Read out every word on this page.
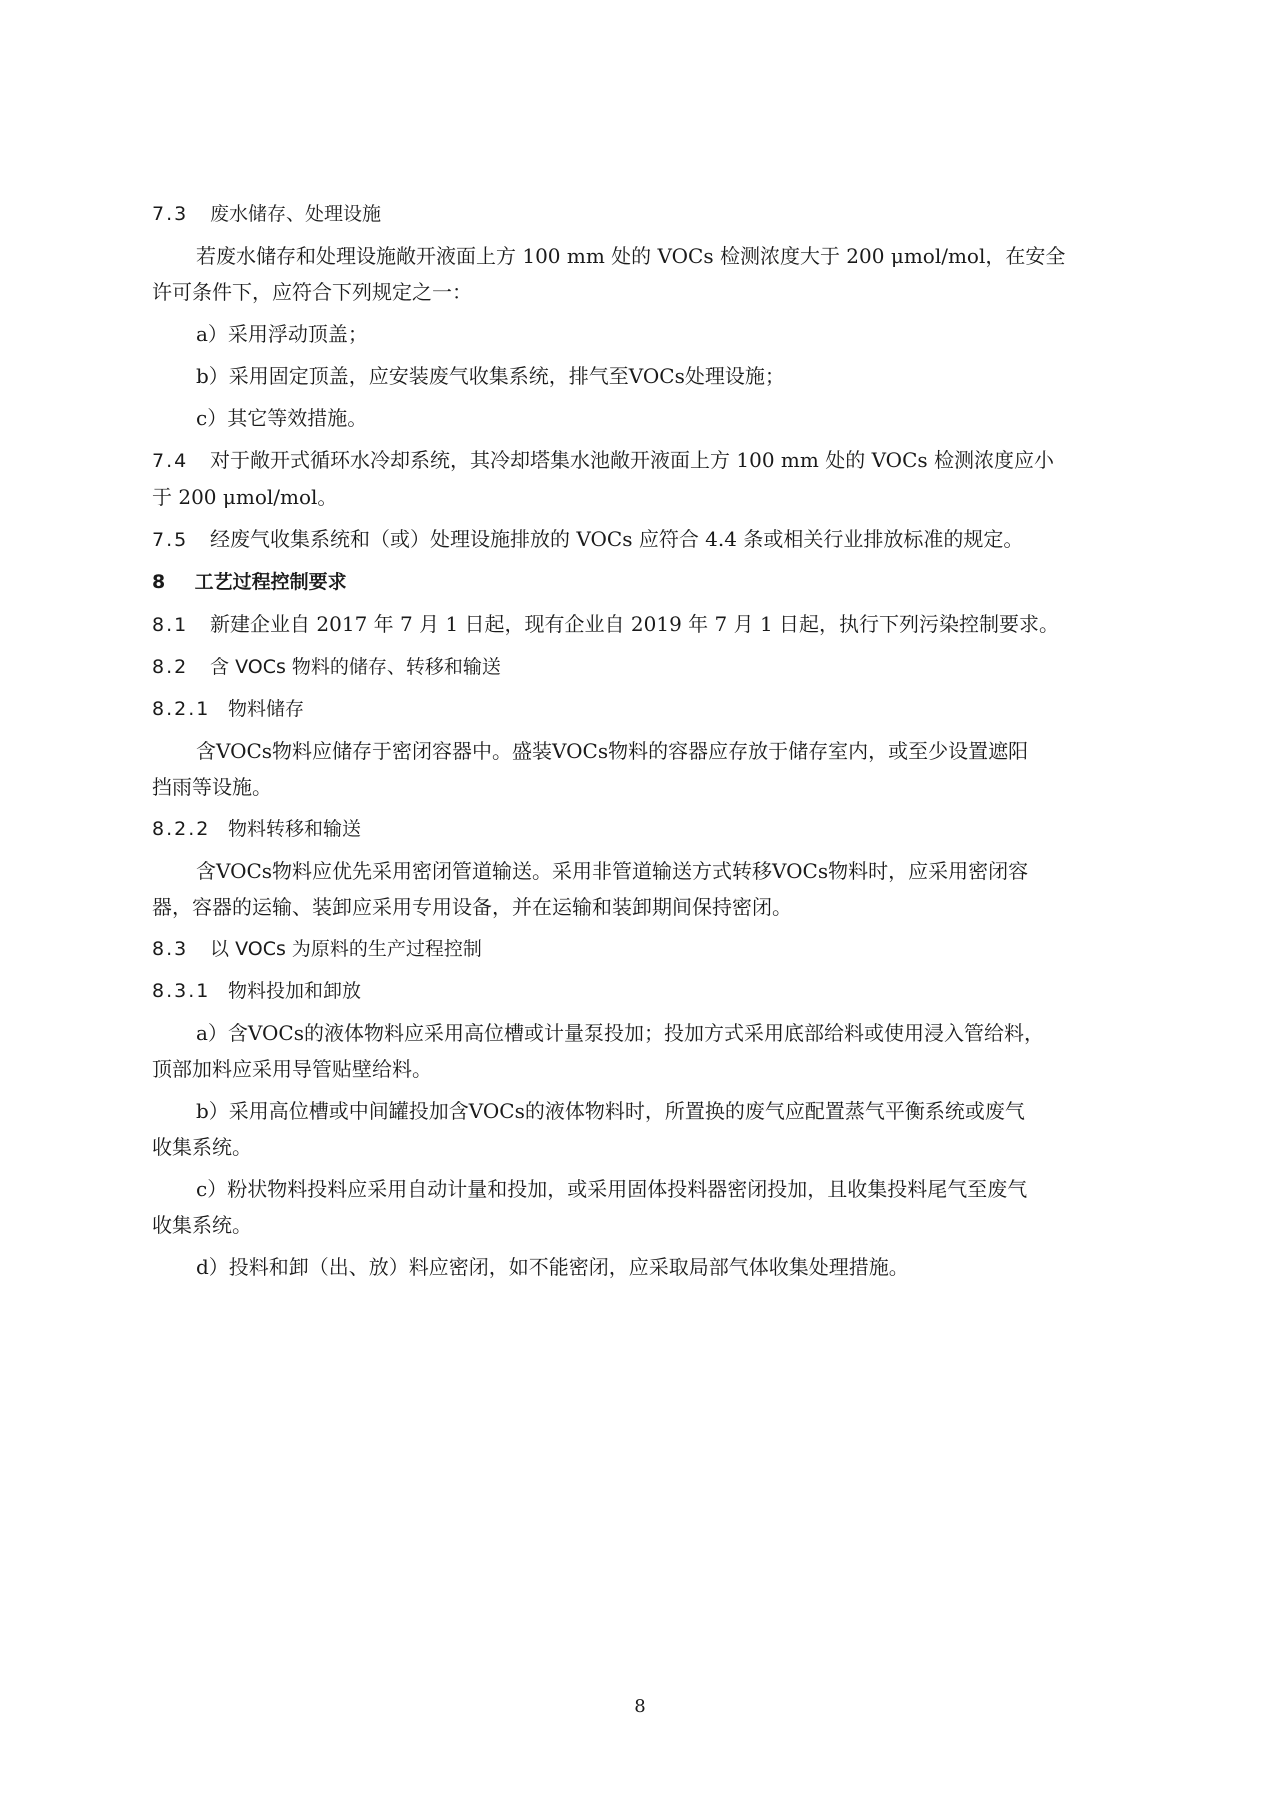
7.3 废水储存、处理设施
若废水储存和处理设施敞开液面上方 100 mm 处的 VOCs 检测浓度大于 200 μmol/mol，在安全
许可条件下，应符合下列规定之一：
a）采用浮动顶盖；
b）采用固定顶盖，应安装废气收集系统，排气至VOCs处理设施；
c）其它等效措施。
7.4 对于敞开式循环水冷却系统，其冷却塔集水池敞开液面上方 100 mm 处的 VOCs 检测浓度应小
于 200 μmol/mol。
7.5 经废气收集系统和（或）处理设施排放的 VOCs 应符合 4.4 条或相关行业排放标准的规定。
8 工艺过程控制要求
8.1 新建企业自 2017 年 7 月 1 日起，现有企业自 2019 年 7 月 1 日起，执行下列污染控制要求。
8.2 含 VOCs 物料的储存、转移和输送
8.2.1 物料储存
含VOCs物料应储存于密闭容器中。盛装VOCs物料的容器应存放于储存室内，或至少设置遮阳
挡雨等设施。
8.2.2 物料转移和输送
含VOCs物料应优先采用密闭管道输送。采用非管道输送方式转移VOCs物料时，应采用密闭容
器，容器的运输、装卸应采用专用设备，并在运输和装卸期间保持密闭。
8.3 以 VOCs 为原料的生产过程控制
8.3.1 物料投加和卸放
a）含VOCs的液体物料应采用高位槽或计量泵投加；投加方式采用底部给料或使用浸入管给料，
顶部加料应采用导管贴壁给料。
b）采用高位槽或中间罐投加含VOCs的液体物料时，所置换的废气应配置蒸气平衡系统或废气
收集系统。
c）粉状物料投料应采用自动计量和投加，或采用固体投料器密闭投加，且收集投料尾气至废气
收集系统。
d）投料和卸（出、放）料应密闭，如不能密闭，应采取局部气体收集处理措施。
8
